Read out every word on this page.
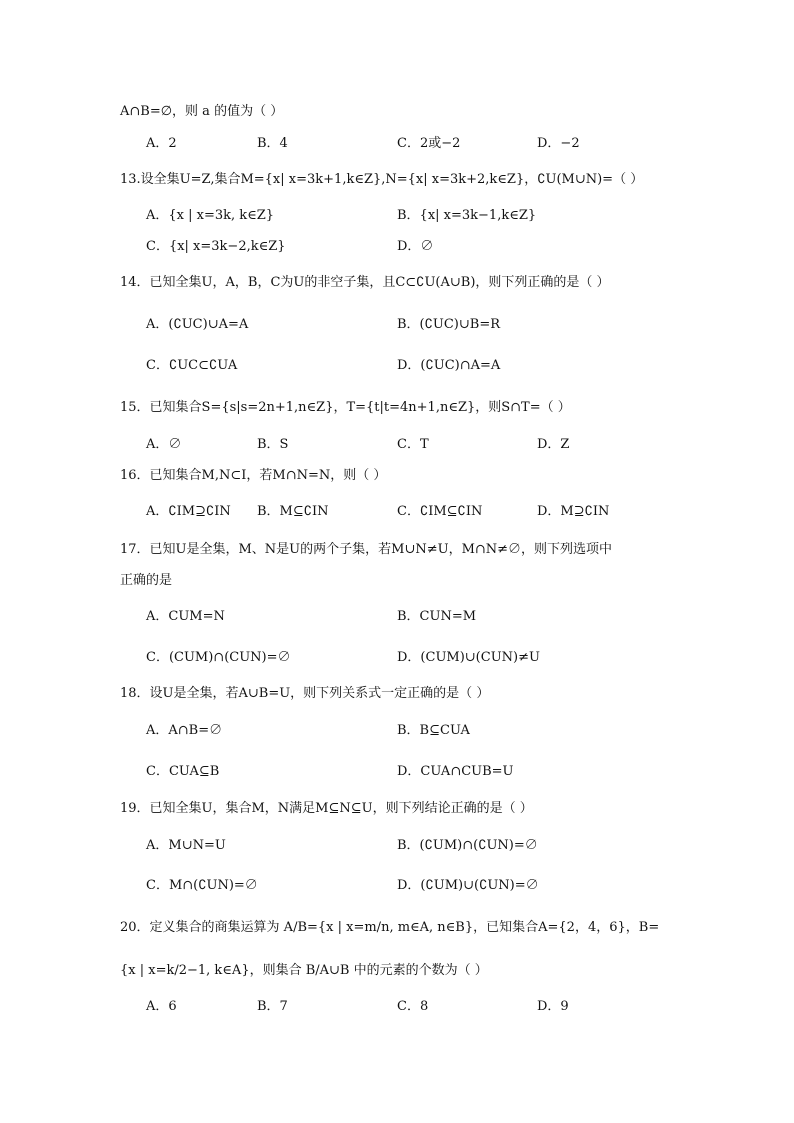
A∩B=∅，则 a 的值为（ ）
A．2	B．4	C．2或−2	D．−2
13.设全集U=Z,集合M={x| x=3k+1,k∈Z},N={x| x=3k+2,k∈Z}，∁U(M∪N)=（ ）
A．{x | x=3k, k∈Z}	B．{x| x=3k−1,k∈Z}
C．{x| x=3k−2,k∈Z}	D．∅
14．已知全集U，A，B，C为U的非空子集，且C⊂∁U(A∪B)，则下列正确的是（ ）
A．(∁UC)∪A=A	B．(∁UC)∪B=R
C．∁UC⊂∁UA	D．(∁UC)∩A=A
15．已知集合S={s|s=2n+1,n∈Z}，T={t|t=4n+1,n∈Z}，则S∩T=（ ）
A．∅	B．S	C．T	D．Z
16．已知集合M,N⊂I，若M∩N=N，则（ ）
A．∁IM⊇∁IN B．M⊆∁IN	C．∁IM⊆∁IN	D．M⊇∁IN
17．已知U是全集，M、N是U的两个子集，若M∪N≠U，M∩N≠∅，则下列选项中
正确的是
A．CUM=N	B．CUN=M
C．(CUM)∩(CUN)=∅	D．(CUM)∪(CUN)≠U
18．设U是全集，若A∪B=U，则下列关系式一定正确的是（ ）
A．A∩B=∅	B．B⊆CUA
C．CUA⊆B	D．CUA∩CUB=U
19．已知全集U，集合M，N满足M⊆N⊆U，则下列结论正确的是（ ）
A．M∪N=U	B．(∁UM)∩(∁UN)=∅
C．M∩(∁UN)=∅	D．(∁UM)∪(∁UN)=∅
20．定义集合的商集运算为 A/B={x | x=m/n, m∈A, n∈B}，已知集合A={2，4，6}，B=
{x | x=k/2−1, k∈A}，则集合 B/A∪B 中的元素的个数为（ ）
A．6	B．7	C．8	D．9
